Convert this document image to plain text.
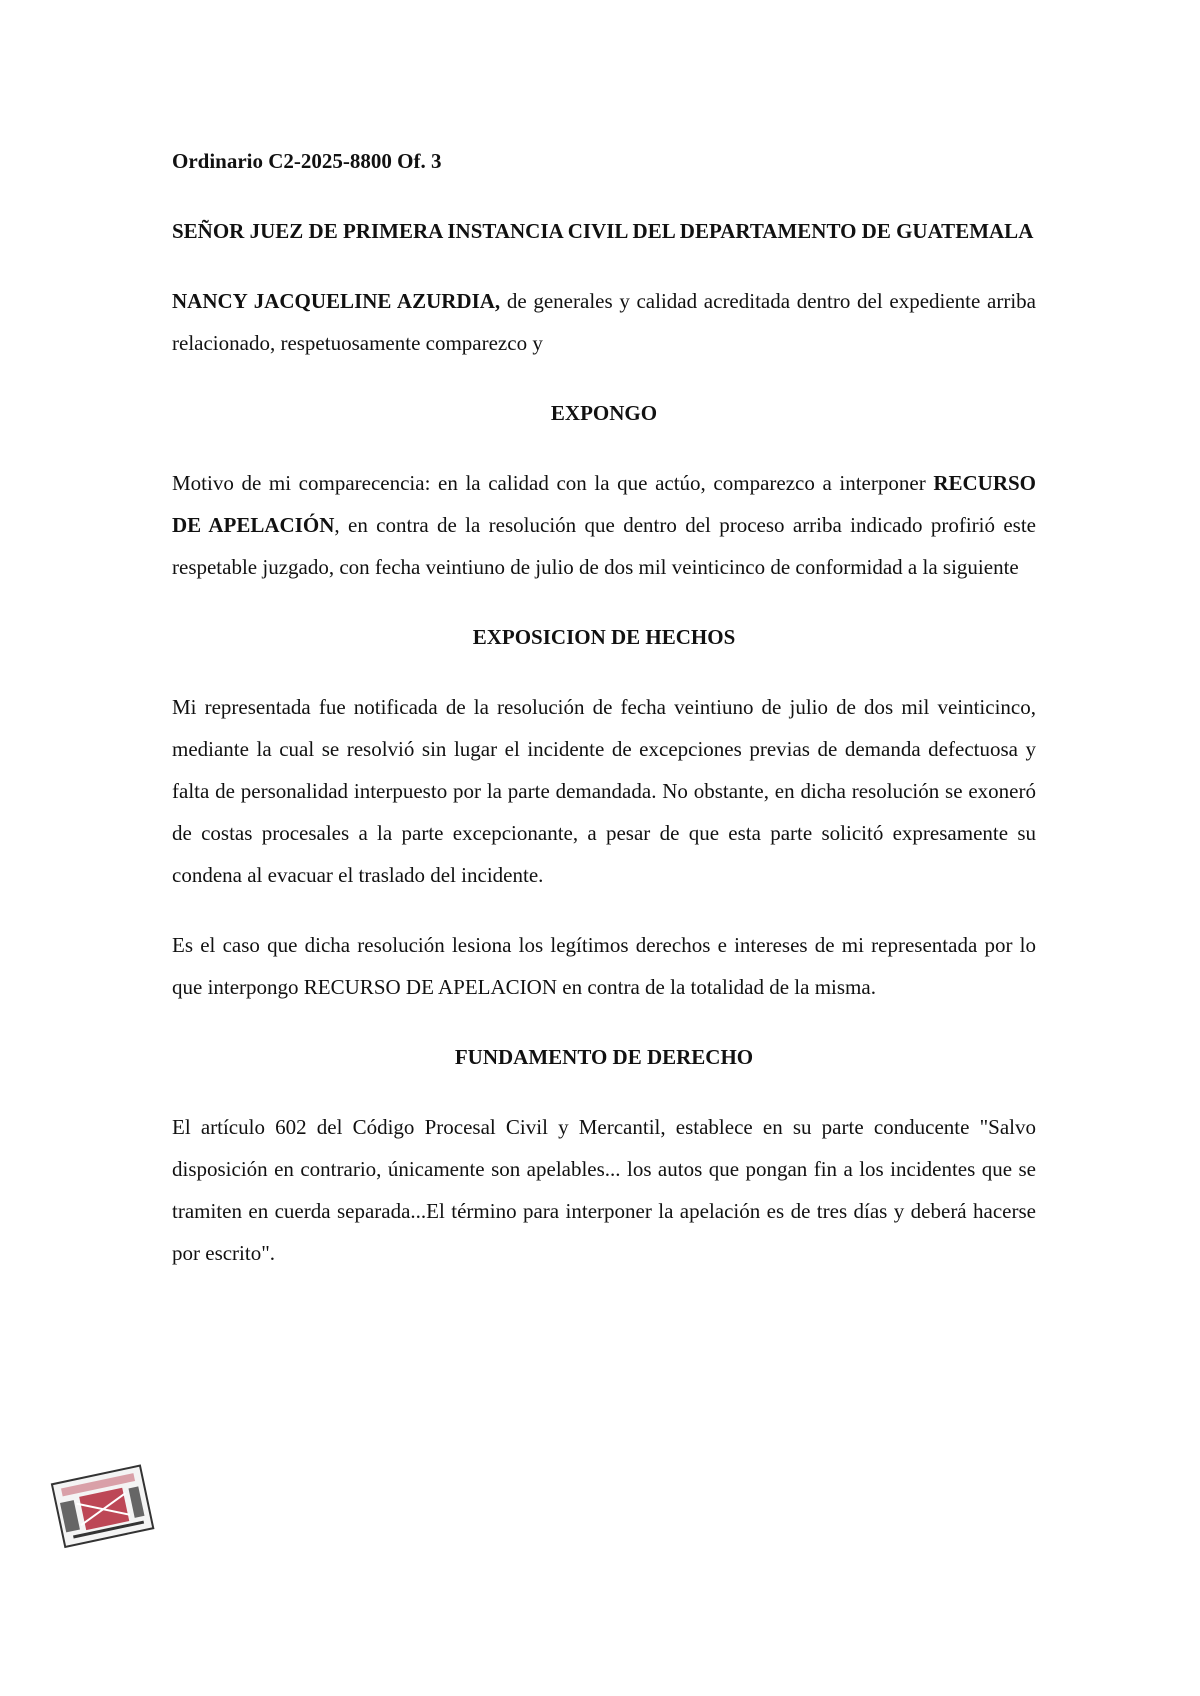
Ordinario C2-2025-8800 Of. 3

SEÑOR JUEZ DE PRIMERA INSTANCIA CIVIL DEL DEPARTAMENTO DE GUATEMALA

NANCY JACQUELINE AZURDIA, de generales y calidad acreditada dentro del expediente arriba relacionado, respetuosamente comparezco y

EXPONGO

Motivo de mi comparecencia: en la calidad con la que actúo, comparezco a interponer RECURSO DE APELACIÓN, en contra de la resolución que dentro del proceso arriba indicado profirió este respetable juzgado, con fecha veintiuno de julio de dos mil veinticinco de conformidad a la siguiente

EXPOSICION DE HECHOS

Mi representada fue notificada de la resolución de fecha veintiuno de julio de dos mil veinticinco, mediante la cual se resolvió sin lugar el incidente de excepciones previas de demanda defectuosa y falta de personalidad interpuesto por la parte demandada. No obstante, en dicha resolución se exoneró de costas procesales a la parte excepcionante, a pesar de que esta parte solicitó expresamente su condena al evacuar el traslado del incidente.

Es el caso que dicha resolución lesiona los legítimos derechos e intereses de mi representada por lo que interpongo RECURSO DE APELACION en contra de la totalidad de la misma.

FUNDAMENTO DE DERECHO

El artículo 602 del Código Procesal Civil y Mercantil, establece en su parte conducente "Salvo disposición en contrario, únicamente son apelables... los autos que pongan fin a los incidentes que se tramiten en cuerda separada...El término para interponer la apelación es de tres días y deberá hacerse por escrito".
